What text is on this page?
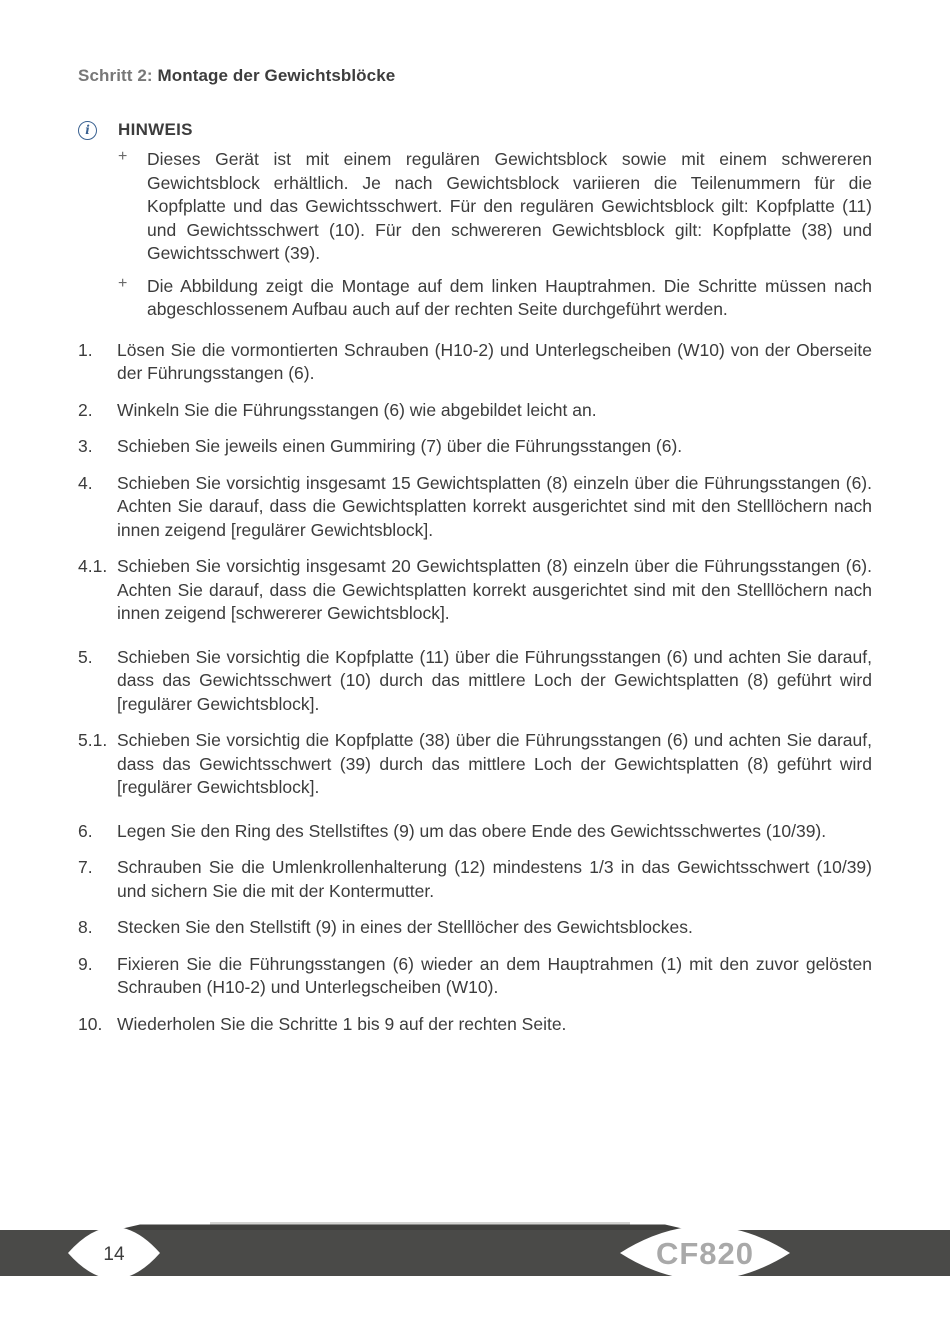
Schritt 2: Montage der Gewichtsblöcke
i	HINWEIS
+	Dieses Gerät ist mit einem regulären Gewichtsblock sowie mit einem schwereren Gewichtsblock erhältlich. Je nach Gewichtsblock variieren die Teilenummern für die Kopfplatte und das Gewichtsschwert. Für den regulären Gewichtsblock gilt: Kopfplatte (11) und Gewichtsschwert (10). Für den schwereren Gewichtsblock gilt: Kopfplatte (38) und Gewichtsschwert (39).

+	Die Abbildung zeigt die Montage auf dem linken Hauptrahmen. Die Schritte müssen nach abgeschlossenem Aufbau auch auf der rechten Seite durchgeführt werden.

1.	Lösen Sie die vormontierten Schrauben (H10-2) und Unterlegscheiben (W10) von der Oberseite der Führungsstangen (6).

2.	Winkeln Sie die Führungsstangen (6) wie abgebildet leicht an.

3.	Schieben Sie jeweils einen Gummiring (7) über die Führungsstangen (6).

4.	Schieben Sie vorsichtig insgesamt 15 Gewichtsplatten (8) einzeln über die Führungsstangen (6). Achten Sie darauf, dass die Gewichtsplatten korrekt ausgerichtet sind mit den Stelllöchern nach innen zeigend [regulärer Gewichtsblock].

4.1. Schieben Sie vorsichtig insgesamt 20 Gewichtsplatten (8) einzeln über die Führungsstangen (6). Achten Sie darauf, dass die Gewichtsplatten korrekt ausgerichtet sind mit den Stelllöchern nach innen zeigend [schwererer Gewichtsblock].

5.	Schieben Sie vorsichtig die Kopfplatte (11) über die Führungsstangen (6) und achten Sie darauf, dass das Gewichtsschwert (10) durch das mittlere Loch der Gewichtsplatten (8) geführt wird [regulärer Gewichtsblock].

5.1. Schieben Sie vorsichtig die Kopfplatte (38) über die Führungsstangen (6) und achten Sie darauf, dass das Gewichtsschwert (39) durch das mittlere Loch der Gewichtsplatten (8) geführt wird [regulärer Gewichtsblock].

6.	Legen Sie den Ring des Stellstiftes (9) um das obere Ende des Gewichtsschwertes (10/39).

7.	Schrauben Sie die Umlenkrollenhalterung (12) mindestens 1/3 in das Gewichtsschwert (10/39) und sichern Sie die mit der Kontermutter.

8.	Stecken Sie den Stellstift (9) in eines der Stelllöcher des Gewichtsblockes.

9.	Fixieren Sie die Führungsstangen (6) wieder an dem Hauptrahmen (1) mit den zuvor gelösten Schrauben (H10-2) und Unterlegscheiben (W10).

10. Wiederholen Sie die Schritte 1 bis 9 auf der rechten Seite.

14	CF820
